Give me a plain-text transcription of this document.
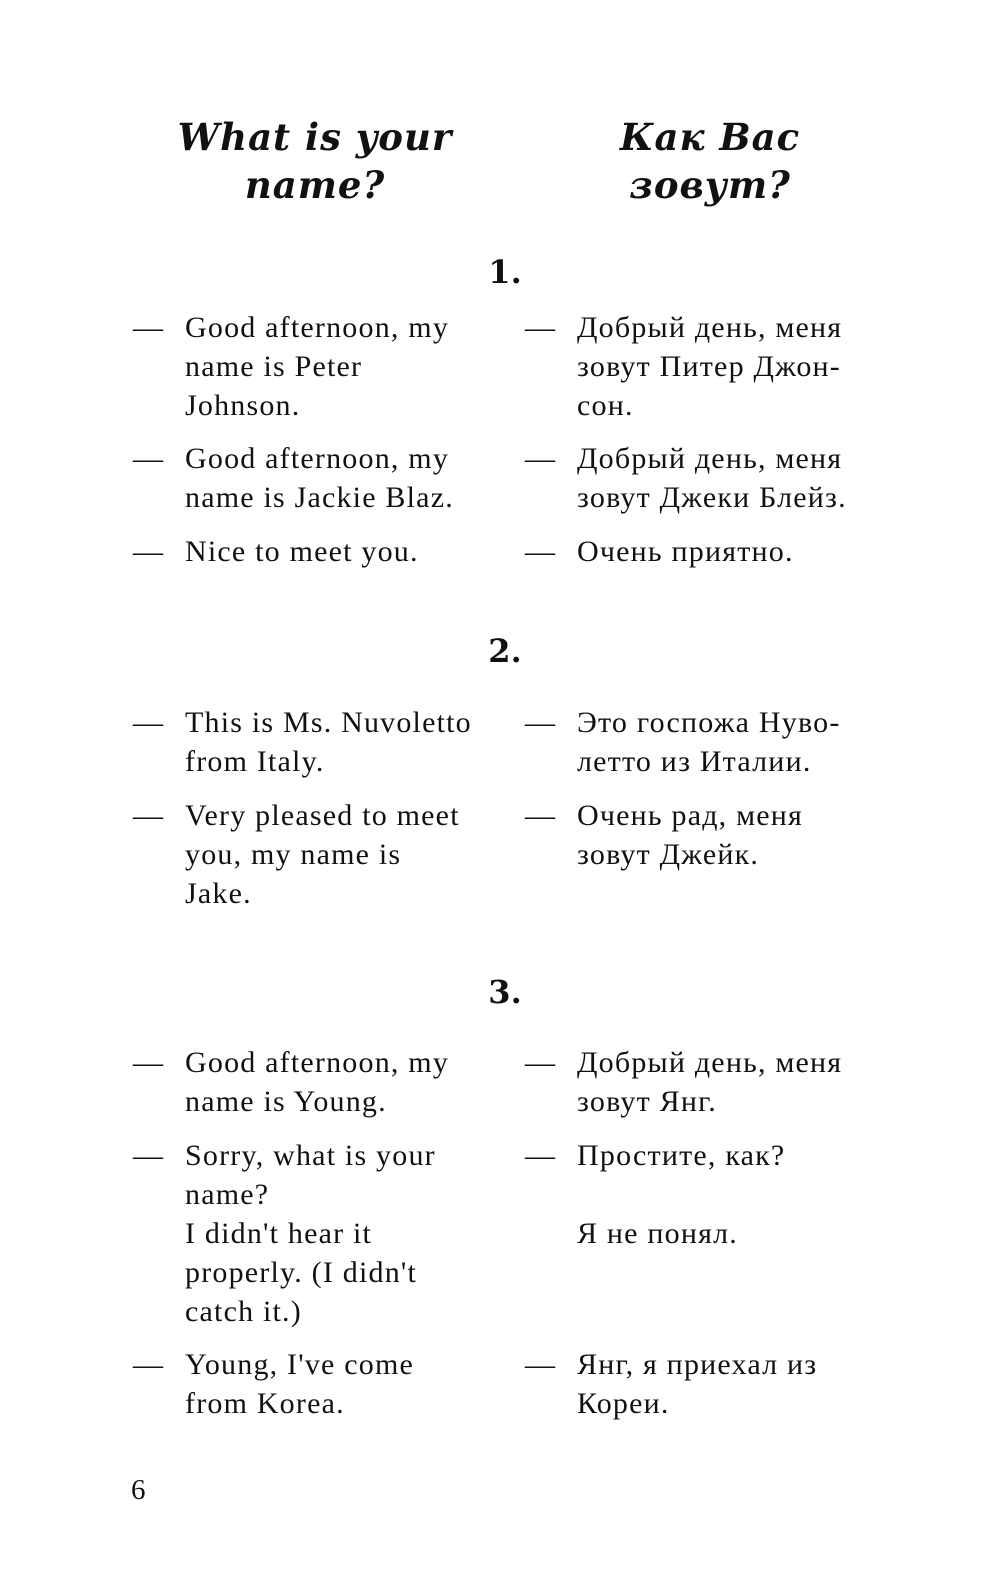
What is your
name?
Как Вас зовут?
1.
— Good afternoon, my
name is Peter
Johnson.
— Добрый день, меня
зовут Питер Джон-
сон.
— Good afternoon, my
name is Jackie Blaz.
— Добрый день, меня
зовут Джеки Блейз.
— Nice to meet you.	— Очень приятно.
2.
— This is Ms. Nuvoletto
from Italy.
— Это госпожа Нуво-
летто из Италии.
— Very pleased to meet
you, my name is
Jake.
— Очень рад, меня
зовут Джейк.
3.
— Good afternoon, my
name is Young.
— Добрый день, меня
зовут Янг.
— Sorry, what is your
name?
— Простите, как?
I didn't hear it
properly. (I didn't
catch it.)
Я не понял.
— Young, I've come
from Korea.
— Янг, я приехал из
Кореи.
6
